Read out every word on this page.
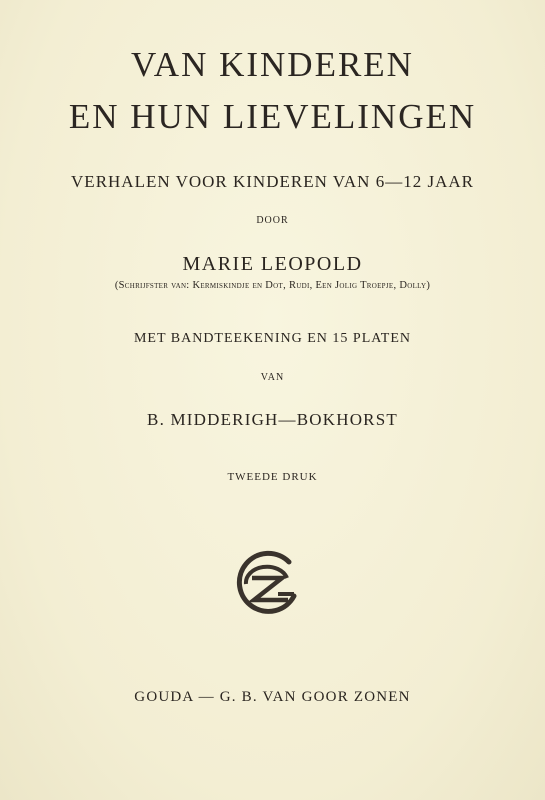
VAN KINDEREN
EN HUN LIEVELINGEN
VERHALEN VOOR KINDEREN VAN 6—12 JAAR
DOOR
MARIE LEOPOLD
(Schrijfster van: Kermiskindje en Dot, Rudi, Een Jolig Troepje, Dolly)
MET BANDTEEKENING EN 15 PLATEN
VAN
B. MIDDERIGH—BOKHORST
TWEEDE DRUK
GOUDA — G. B. VAN GOOR ZONEN
